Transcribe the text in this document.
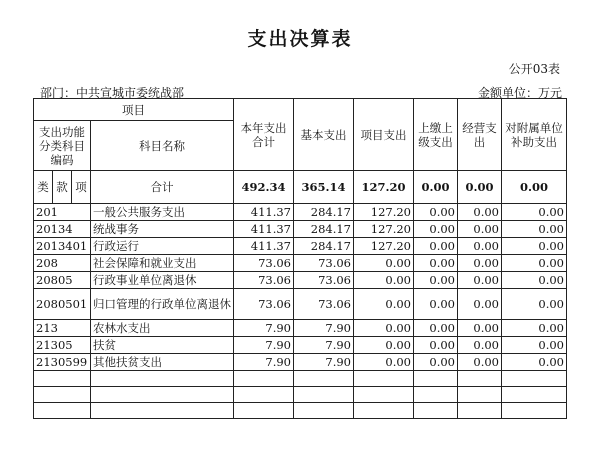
支出决算表
公开03表
部门：中共宣城市委统战部	金额单位：万元
项目				本年支出合计	基本支出	项目支出	上缴上级支出	经营支出	对附属单位补助支出
支出功能分类科目编码			科目名称						
类	款	项	合计	492.34	365.14	127.20	0.00	0.00	0.00
201			一般公共服务支出	411.37	284.17	127.20	0.00	0.00	0.00
20134			统战事务	411.37	284.17	127.20	0.00	0.00	0.00
2013401			行政运行	411.37	284.17	127.20	0.00	0.00	0.00
208			社会保障和就业支出	73.06	73.06	0.00	0.00	0.00	0.00
20805			行政事业单位离退休	73.06	73.06	0.00	0.00	0.00	0.00
2080501			归口管理的行政单位离退休	73.06	73.06	0.00	0.00	0.00	0.00
213			农林水支出	7.90	7.90	0.00	0.00	0.00	0.00
21305			扶贫	7.90	7.90	0.00	0.00	0.00	0.00
2130599			其他扶贫支出	7.90	7.90	0.00	0.00	0.00	0.00
